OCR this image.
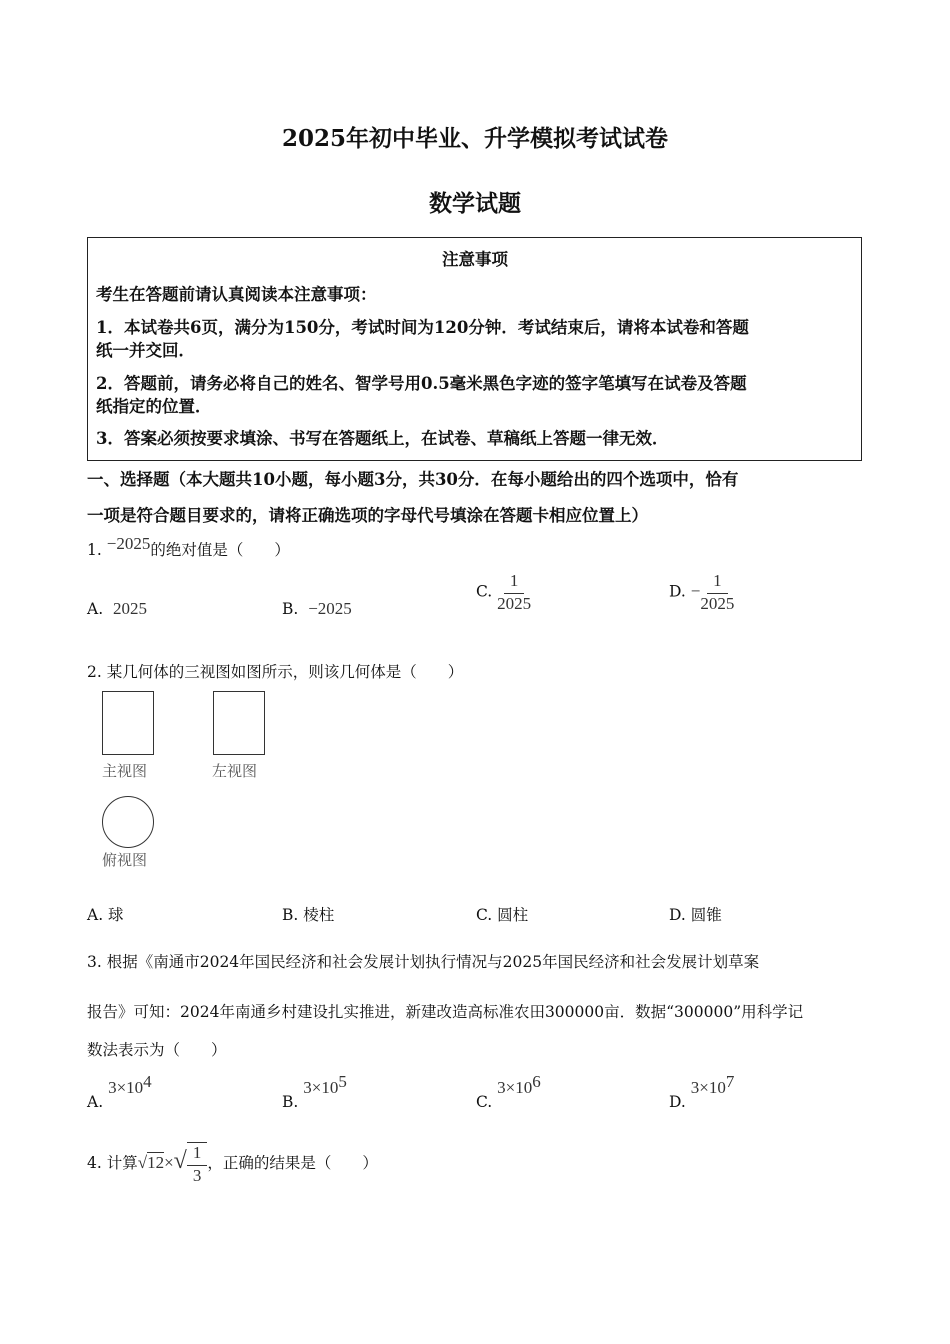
2025年初中毕业、升学模拟考试试卷
数学试题
注意事项
考生在答题前请认真阅读本注意事项：
1．本试卷共6页，满分为150分，考试时间为120分钟．考试结束后，请将本试卷和答题
纸一并交回．
2．答题前，请务必将自己的姓名、智学号用0.5毫米黑色字迹的签字笔填写在试卷及答题
纸指定的位置．
3．答案必须按要求填涂、书写在答题纸上，在试卷、草稿纸上答题一律无效．
一、选择题（本大题共10小题，每小题3分，共30分．在每小题给出的四个选项中，恰有
一项是符合题目要求的，请将正确选项的字母代号填涂在答题卡相应位置上）
1. −2025的绝对值是（　　）
A. 2025	B. −2025
C. $\frac{1}{2025}$	D. − $\frac{1}{2025}$
2. 某几何体的三视图如图所示，则该几何体是（　　）
主视图	左视图
俯视图
A. 球	B. 棱柱	C. 圆柱	D. 圆锥
3. 根据《南通市2024年国民经济和社会发展计划执行情况与2025年国民经济和社会发展计划草案
报告》可知：2024年南通乡村建设扎实推进，新建改造高标准农田300000亩．数据“300000”用科学记
数法表示为（　　）
A. $3\times 10^4$
B. $3\times 10^5$
C. $3\times 10^6$
D. $3\times 10^7$
4. 计算$√12\times√ \frac{1}{3}$ ，正确的结果是（　　）
